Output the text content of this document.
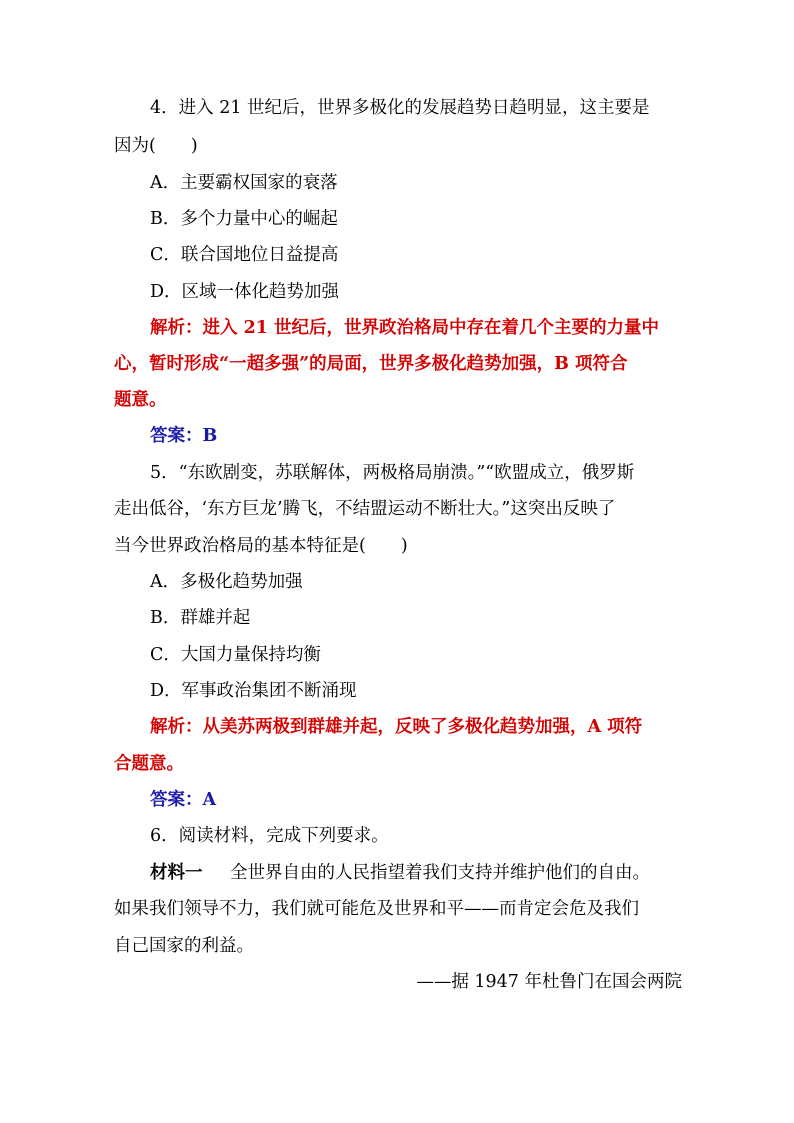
4．进入 21 世纪后，世界多极化的发展趋势日趋明显，这主要是
因为(　　)
A．主要霸权国家的衰落
B．多个力量中心的崛起
C．联合国地位日益提高
D．区域一体化趋势加强
解析：进入 21 世纪后，世界政治格局中存在着几个主要的力量中
心，暂时形成“一超多强”的局面，世界多极化趋势加强，B 项符合
题意。
答案：B
5．“东欧剧变，苏联解体，两极格局崩溃。”“欧盟成立，俄罗斯
走出低谷，‘东方巨龙’腾飞，不结盟运动不断壮大。”这突出反映了
当今世界政治格局的基本特征是(　　)
A．多极化趋势加强
B．群雄并起
C．大国力量保持均衡
D．军事政治集团不断涌现
解析：从美苏两极到群雄并起，反映了多极化趋势加强，A 项符
合题意。
答案：A
6．阅读材料，完成下列要求。
材料一	全世界自由的人民指望着我们支持并维护他们的自由。
如果我们领导不力，我们就可能危及世界和平——而肯定会危及我们
自己国家的利益。
——据 1947 年杜鲁门在国会两院
